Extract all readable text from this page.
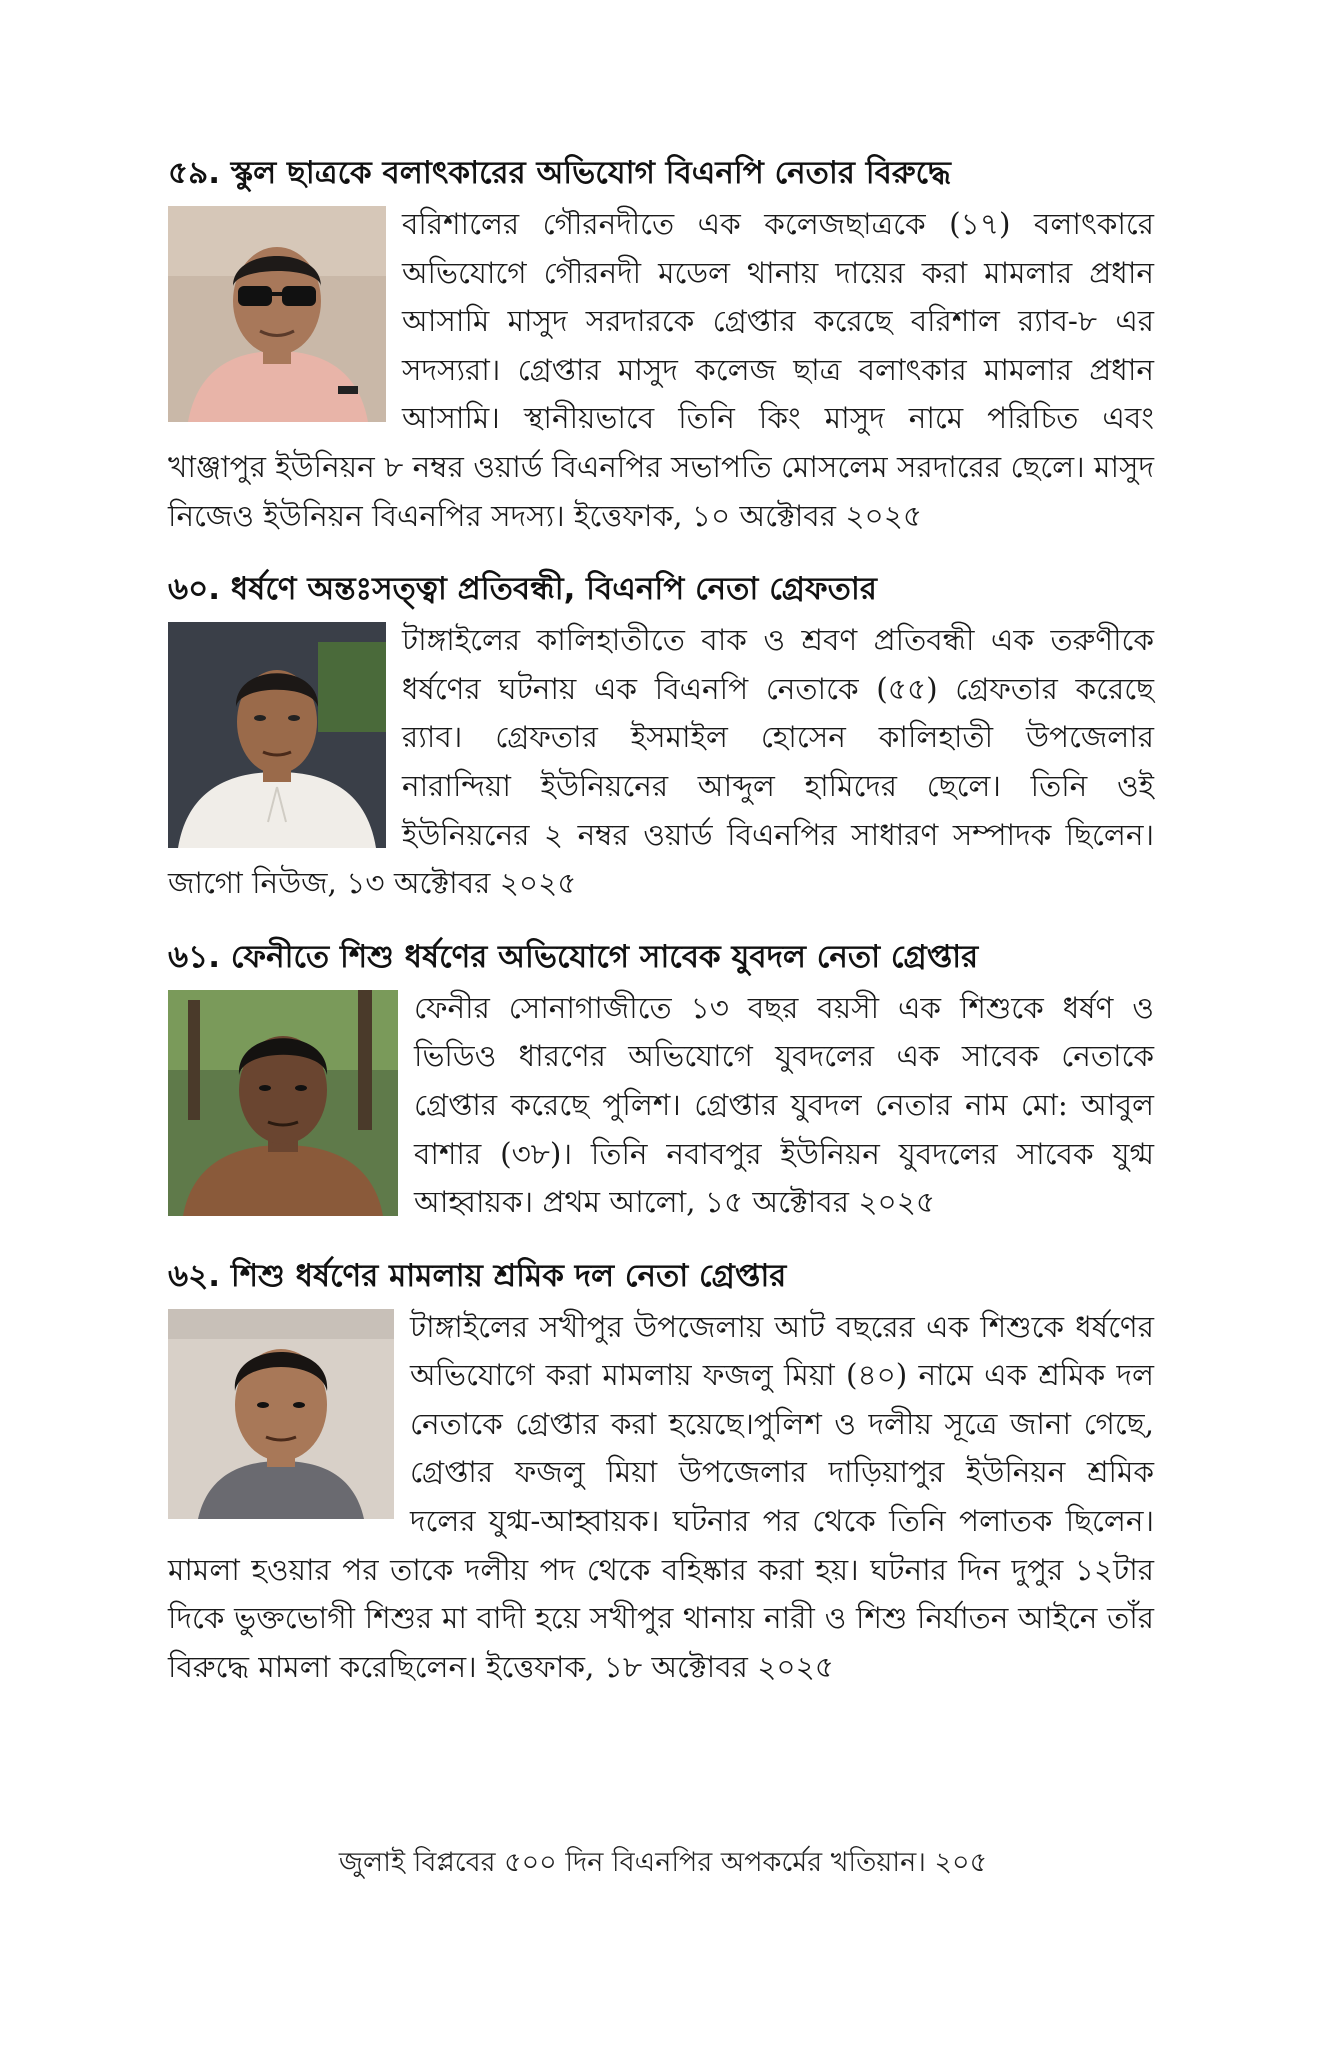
৫৯. স্কুল ছাত্রকে বলাৎকারের অভিযোগ বিএনপি নেতার বিরুদ্ধে

বরিশালের গৌরনদীতে এক কলেজছাত্রকে (১৭) বলাৎকারে অভিযোগে গৌরনদী মডেল থানায় দায়ের করা মামলার প্রধান আসামি মাসুদ সরদারকে গ্রেপ্তার করেছে বরিশাল র‌্যাব-৮ এর সদস্যরা। গ্রেপ্তার মাসুদ কলেজ ছাত্র বলাৎকার মামলার প্রধান আসামি। স্থানীয়ভাবে তিনি কিং মাসুদ নামে পরিচিত এবং খাঞ্জাপুর ইউনিয়ন ৮ নম্বর ওয়ার্ড বিএনপির সভাপতি মোসলেম সরদারের ছেলে। মাসুদ নিজেও ইউনিয়ন বিএনপির সদস্য। ইত্তেফাক, ১০ অক্টোবর ২০২৫

৬০. ধর্ষণে অন্তঃসত্ত্বা প্রতিবন্ধী, বিএনপি নেতা গ্রেফতার

টাঙ্গাইলের কালিহাতীতে বাক ও শ্রবণ প্রতিবন্ধী এক তরুণীকে ধর্ষণের ঘটনায় এক বিএনপি নেতাকে (৫৫) গ্রেফতার করেছে র‌্যাব। গ্রেফতার ইসমাইল হোসেন কালিহাতী উপজেলার নারান্দিয়া ইউনিয়নের আব্দুল হামিদের ছেলে। তিনি ওই ইউনিয়নের ২ নম্বর ওয়ার্ড বিএনপির সাধারণ সম্পাদক ছিলেন। জাগো নিউজ, ১৩ অক্টোবর ২০২৫

৬১. ফেনীতে শিশু ধর্ষণের অভিযোগে সাবেক যুবদল নেতা গ্রেপ্তার

ফেনীর সোনাগাজীতে ১৩ বছর বয়সী এক শিশুকে ধর্ষণ ও ভিডিও ধারণের অভিযোগে যুবদলের এক সাবেক নেতাকে গ্রেপ্তার করেছে পুলিশ। গ্রেপ্তার যুবদল নেতার নাম মো: আবুল বাশার (৩৮)। তিনি নবাবপুর ইউনিয়ন যুবদলের সাবেক যুগ্ম আহ্বায়ক। প্রথম আলো, ১৫ অক্টোবর ২০২৫

৬২. শিশু ধর্ষণের মামলায় শ্রমিক দল নেতা গ্রেপ্তার

টাঙ্গাইলের সখীপুর উপজেলায় আট বছরের এক শিশুকে ধর্ষণের অভিযোগে করা মামলায় ফজলু মিয়া (৪০) নামে এক শ্রমিক দল নেতাকে গ্রেপ্তার করা হয়েছে।পুলিশ ও দলীয় সূত্রে জানা গেছে, গ্রেপ্তার ফজলু মিয়া উপজেলার দাড়িয়াপুর ইউনিয়ন শ্রমিক দলের যুগ্ম-আহ্বায়ক। ঘটনার পর থেকে তিনি পলাতক ছিলেন। মামলা হওয়ার পর তাকে দলীয় পদ থেকে বহিষ্কার করা হয়। ঘটনার দিন দুপুর ১২টার দিকে ভুক্তভোগী শিশুর মা বাদী হয়ে সখীপুর থানায় নারী ও শিশু নির্যাতন আইনে তাঁর বিরুদ্ধে মামলা করেছিলেন। ইত্তেফাক, ১৮ অক্টোবর ২০২৫

জুলাই বিপ্লবের ৫০০ দিন বিএনপির অপকর্মের খতিয়ান। ২০৫
